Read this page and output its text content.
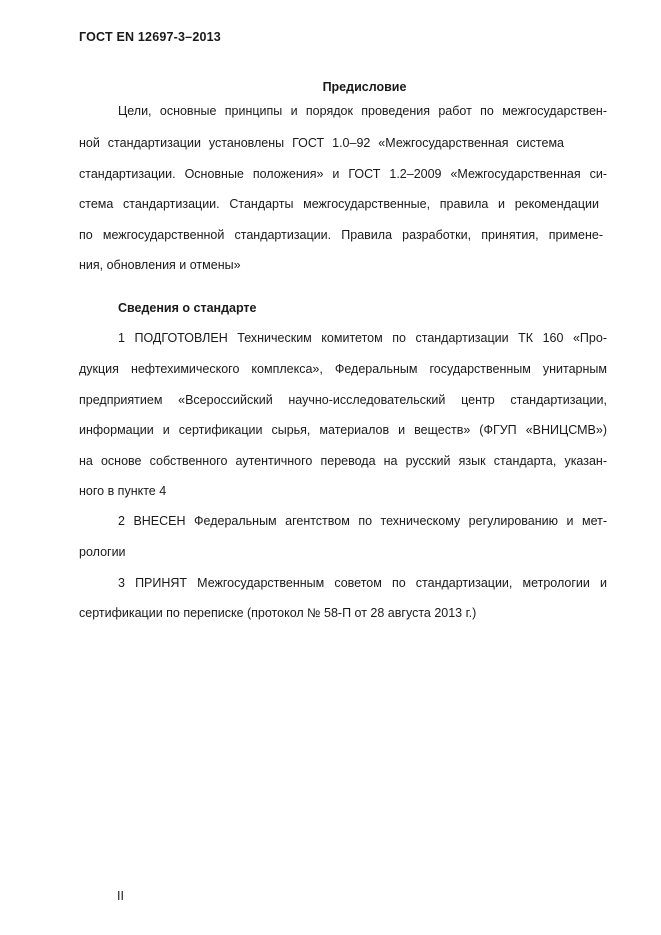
ГОСТ EN 12697-3–2013
Предисловие
Цели, основные принципы и порядок проведения работ по межгосударствен-
ной стандартизации установлены ГОСТ 1.0–92 «Межгосударственная система
стандартизации. Основные положения» и ГОСТ 1.2–2009 «Межгосударственная си-
стема стандартизации. Стандарты межгосударственные, правила и рекомендации
по межгосударственной стандартизации. Правила разработки, принятия, примене-
ния, обновления и отмены»
Сведения о стандарте
1 ПОДГОТОВЛЕН Техническим комитетом по стандартизации ТК 160 «Про-
дукция нефтехимического комплекса», Федеральным государственным унитарным
предприятием «Всероссийский научно-исследовательский центр стандартизации,
информации и сертификации сырья, материалов и веществ» (ФГУП «ВНИЦСМВ»)
на основе собственного аутентичного перевода на русский язык стандарта, указан-
ного в пункте 4
2 ВНЕСЕН Федеральным агентством по техническому регулированию и мет-
рологии
3 ПРИНЯТ Межгосударственным советом по стандартизации, метрологии и
сертификации по переписке (протокол № 58-П от 28 августа 2013 г.)
II
